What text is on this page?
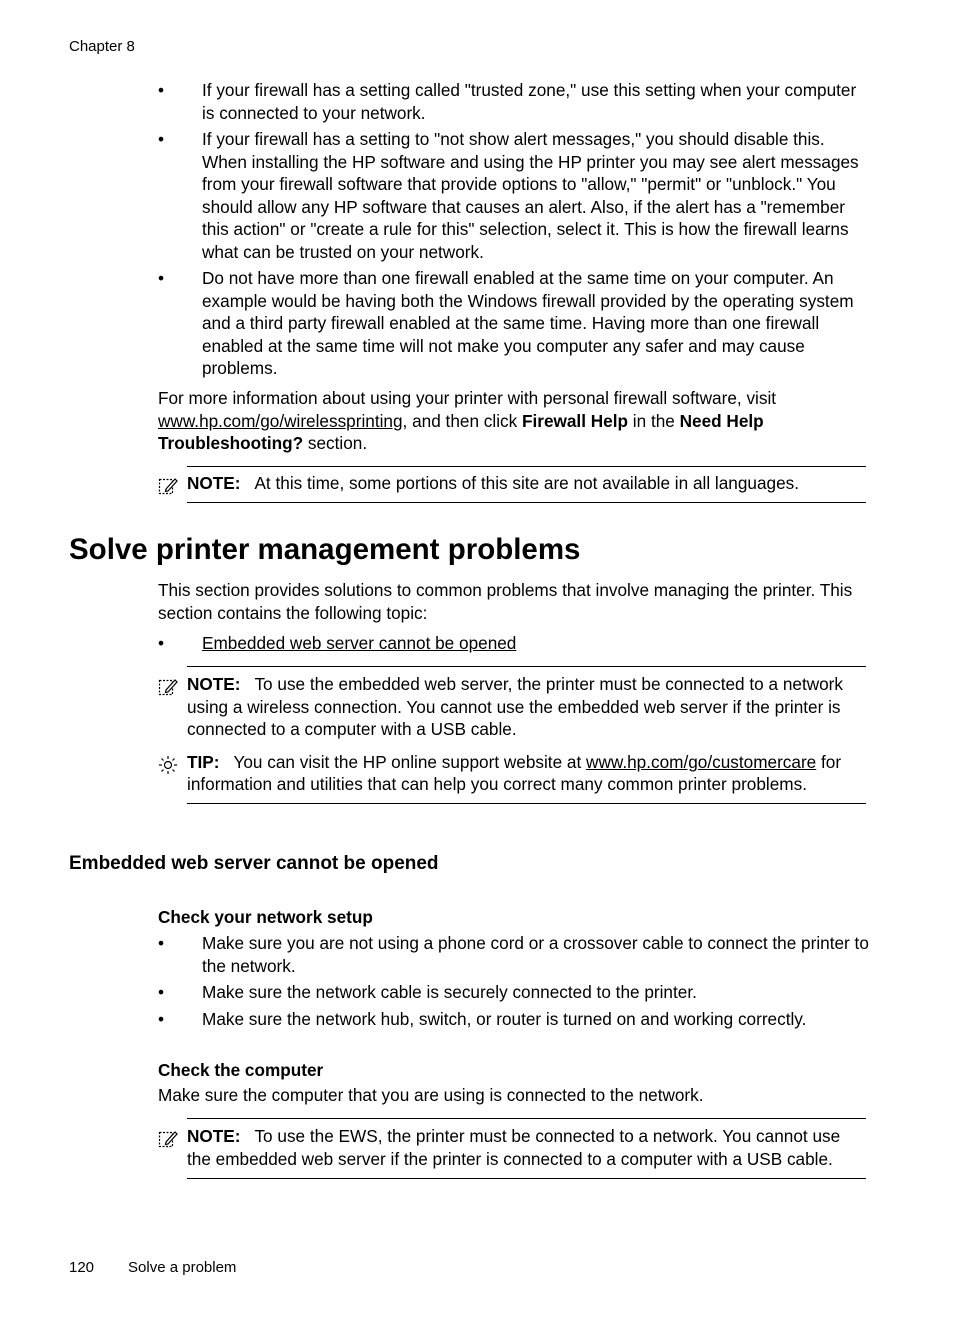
Chapter 8
•	If your firewall has a setting called "trusted zone," use this setting when your computer is connected to your network.
•	If your firewall has a setting to "not show alert messages," you should disable this. When installing the HP software and using the HP printer you may see alert messages from your firewall software that provide options to "allow," "permit" or "unblock." You should allow any HP software that causes an alert. Also, if the alert has a "remember this action" or "create a rule for this" selection, select it. This is how the firewall learns what can be trusted on your network.
•	Do not have more than one firewall enabled at the same time on your computer. An example would be having both the Windows firewall provided by the operating system and a third party firewall enabled at the same time. Having more than one firewall enabled at the same time will not make you computer any safer and may cause problems.
For more information about using your printer with personal firewall software, visit www.hp.com/go/wirelessprinting, and then click Firewall Help in the Need Help Troubleshooting? section.
NOTE: At this time, some portions of this site are not available in all languages.
Solve printer management problems
This section provides solutions to common problems that involve managing the printer. This section contains the following topic:
•	Embedded web server cannot be opened
NOTE: To use the embedded web server, the printer must be connected to a network using a wireless connection. You cannot use the embedded web server if the printer is connected to a computer with a USB cable.
TIP: You can visit the HP online support website at www.hp.com/go/customercare for information and utilities that can help you correct many common printer problems.
Embedded web server cannot be opened
Check your network setup
•	Make sure you are not using a phone cord or a crossover cable to connect the printer to the network.
•	Make sure the network cable is securely connected to the printer.
•	Make sure the network hub, switch, or router is turned on and working correctly.
Check the computer
Make sure the computer that you are using is connected to the network.
NOTE: To use the EWS, the printer must be connected to a network. You cannot use the embedded web server if the printer is connected to a computer with a USB cable.
120 Solve a problem
